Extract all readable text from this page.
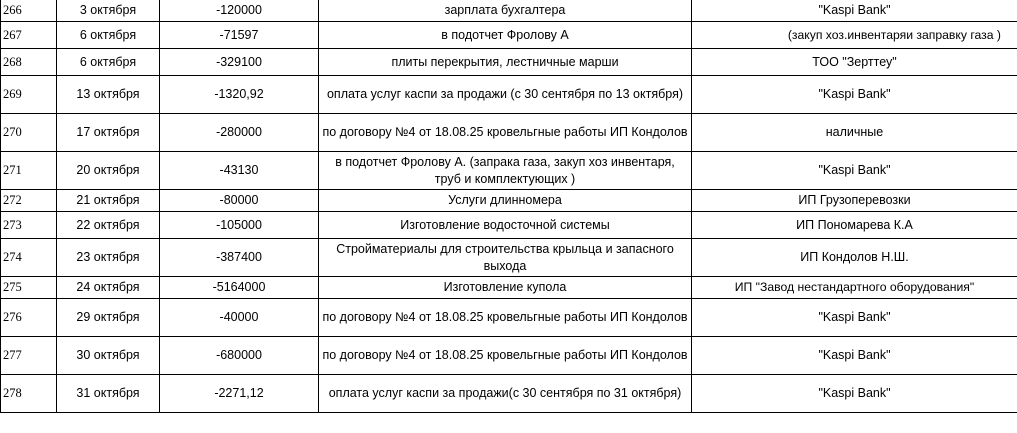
266	3 октября	-120000	зарплата бухгалтера	"Kaspi Bank"
267	6 октября	-71597	в подотчет Фролову А	(закуп хоз.инвентаряи заправку газа )
268	6 октября	-329100	плиты перекрытия, лестничные марши	ТОО "Зерттеу"
269	13 октября	-1320,92	оплата услуг каспи за продажи (с 30 сентября по 13 октября)	"Kaspi Bank"
270	17 октября	-280000	по договору №4 от 18.08.25 кровельгные работы ИП Кондолов	наличные
271	20 октября	-43130	в подотчет Фролову А. (запрака газа, закуп хоз инвентаря, труб и комплектующих )	"Kaspi Bank"
272	21 октября	-80000	Услуги длинномера	ИП Грузоперевозки
273	22 октября	-105000	Изготовление водосточной системы	ИП Пономарева К.А
274	23 октября	-387400	Стройматериалы для строительства крыльца и запасного выхода	ИП Кондолов Н.Ш.
275	24 октября	-5164000	Изготовление купола	ИП "Завод нестандартного оборудования"
276	29 октября	-40000	по договору №4 от 18.08.25 кровельгные работы ИП Кондолов	"Kaspi Bank"
277	30 октября	-680000	по договору №4 от 18.08.25 кровельгные работы ИП Кондолов	"Kaspi Bank"
278	31 октября	-2271,12	оплата услуг каспи за продажи(с 30 сентября по 31 октября)	"Kaspi Bank"
